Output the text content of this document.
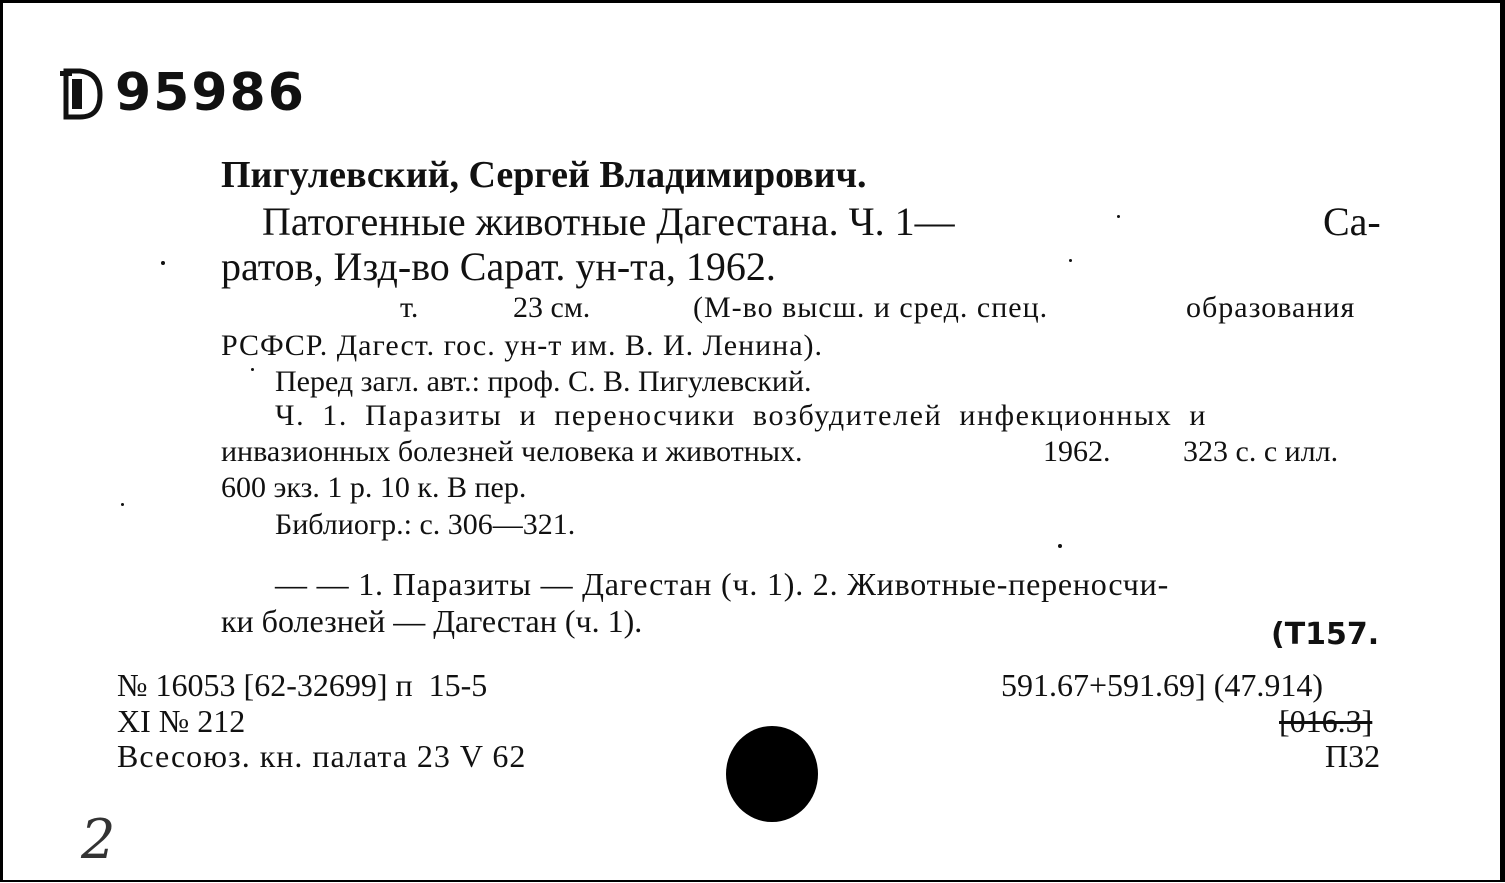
95986
Пигулевский, Сергей Владимирович.
Патогенные животные Дагестана. Ч. 1—	Са-
ратов, Изд-во Сарат. ун-та, 1962.
т.	23 см.	(М-во высш. и сред. спец.	образования
РСФСР. Дагест. гос. ун-т им. В. И. Ленина).
Перед загл. авт.: проф. С. В. Пигулевский.
Ч. 1. Паразиты и переносчики возбудителей инфекционных и
инвазионных болезней человека и животных.	1962. 323 с. с илл.
600 экз. 1 р. 10 к. В пер.
Библиогр.: с. 306—321.
— — 1. Паразиты — Дагестан (ч. 1). 2. Животные-переносчи-
ки болезней — Дагестан (ч. 1).	(Т157.
№ 16053 [62-32699] п  15-5
XI № 212
Всесоюз. кн. палата 23 V 62
591.67+591.69] (47.914)
[016.3]
П32
2
